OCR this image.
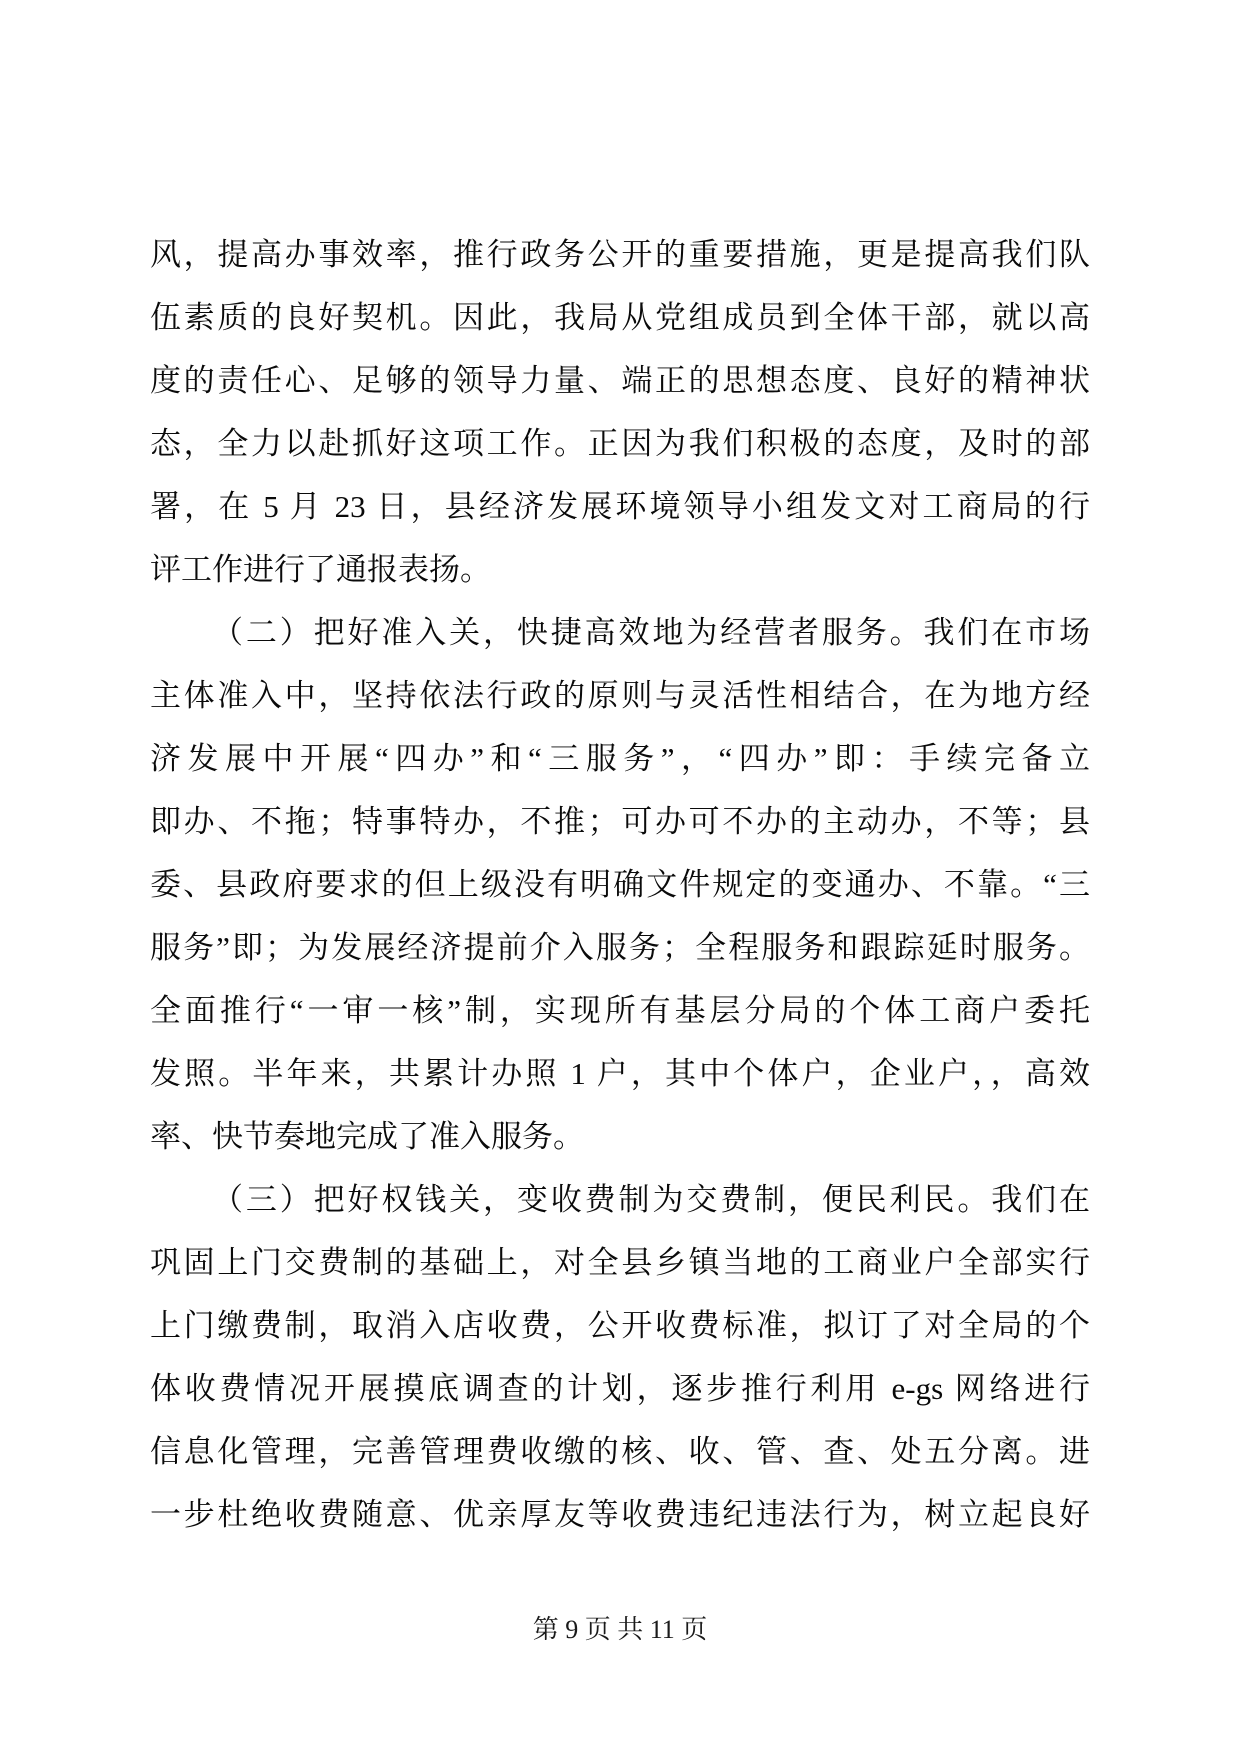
风，提高办事效率，推行政务公开的重要措施，更是提高我们队
伍素质的良好契机。因此，我局从党组成员到全体干部，就以高
度的责任心、足够的领导力量、端正的思想态度、良好的精神状
态，全力以赴抓好这项工作。正因为我们积极的态度，及时的部
署，在 5 月 23 日，县经济发展环境领导小组发文对工商局的行
评工作进行了通报表扬。
（二）把好准入关，快捷高效地为经营者服务。我们在市场
主体准入中，坚持依法行政的原则与灵活性相结合，在为地方经
济发展中开展“四办”和“三服务”，“四办”即：手续完备立
即办、不拖；特事特办，不推；可办可不办的主动办，不等；县
委、县政府要求的但上级没有明确文件规定的变通办、不靠。“三
服务”即；为发展经济提前介入服务；全程服务和跟踪延时服务。
全面推行“一审一核”制，实现所有基层分局的个体工商户委托
发照。半年来，共累计办照 1 户，其中个体户，企业户，，高效
率、快节奏地完成了准入服务。
（三）把好权钱关，变收费制为交费制，便民利民。我们在
巩固上门交费制的基础上，对全县乡镇当地的工商业户全部实行
上门缴费制，取消入店收费，公开收费标准，拟订了对全局的个
体收费情况开展摸底调查的计划，逐步推行利用 e-gs 网络进行
信息化管理，完善管理费收缴的核、收、管、查、处五分离。进
一步杜绝收费随意、优亲厚友等收费违纪违法行为，树立起良好
第 9 页 共 11 页
